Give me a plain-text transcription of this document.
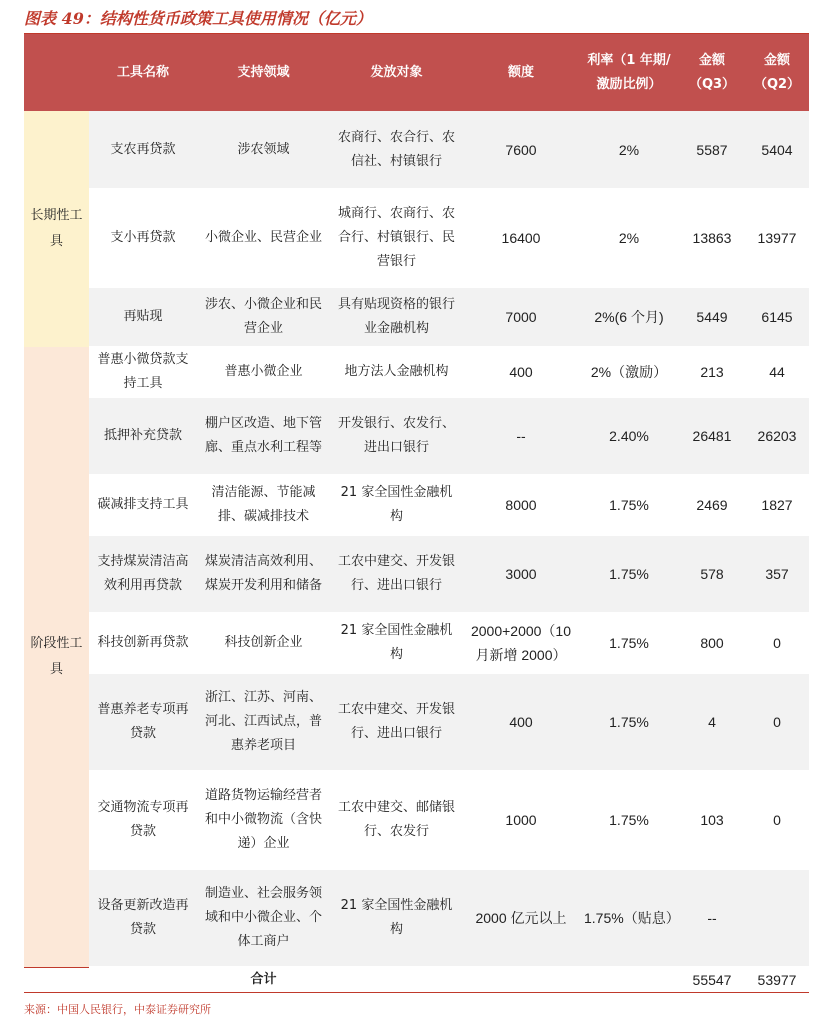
图表 49：结构性货币政策工具使用情况（亿元）
	工具名称	支持领域	发放对象	额度	利率（1 年期/激励比例）	金额（Q3）	金额（Q2）
长期性工具	支农再贷款	涉农领域	农商行、农合行、农信社、村镇银行	7600	2%	5587	5404
	支小再贷款	小微企业、民营企业	城商行、农商行、农合行、村镇银行、民营银行	16400	2%	13863	13977
	再贴现	涉农、小微企业和民营企业	具有贴现资格的银行业金融机构	7000	2%(6 个月)	5449	6145
阶段性工具	普惠小微贷款支持工具	普惠小微企业	地方法人金融机构	400	2%（激励）	213	44
	抵押补充贷款	棚户区改造、地下管廊、重点水利工程等	开发银行、农发行、进出口银行	--	2.40%	26481	26203
	碳减排支持工具	清洁能源、节能减排、碳减排技术	21 家全国性金融机构	8000	1.75%	2469	1827
	支持煤炭清洁高效利用再贷款	煤炭清洁高效利用、煤炭开发利用和储备	工农中建交、开发银行、进出口银行	3000	1.75%	578	357
	科技创新再贷款	科技创新企业	21 家全国性金融机构	2000+2000（10 月新增 2000）	1.75%	800	0
	普惠养老专项再贷款	浙江、江苏、河南、河北、江西试点，普惠养老项目	工农中建交、开发银行、进出口银行	400	1.75%	4	0
	交通物流专项再贷款	道路货物运输经营者和中小微物流（含快递）企业	工农中建交、邮储银行、农发行	1000	1.75%	103	0
	设备更新改造再贷款	制造业、社会服务领域和中小微企业、个体工商户	21 家全国性金融机构	2000 亿元以上	1.75%（贴息）	--	
		合计				55547	53977
来源：中国人民银行，中泰证券研究所
